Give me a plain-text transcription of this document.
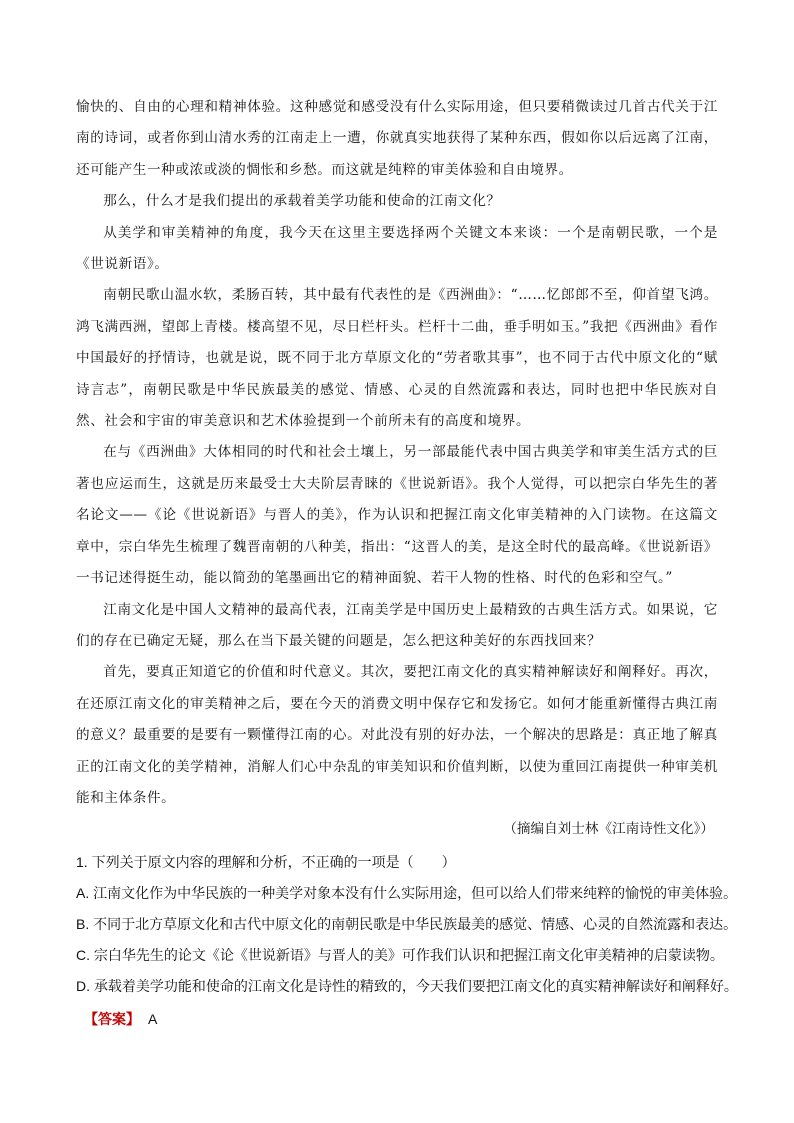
愉快的、自由的心理和精神体验。这种感觉和感受没有什么实际用途，但只要稍微读过几首古代关于江南的诗词，或者你到山清水秀的江南走上一遭，你就真实地获得了某种东西，假如你以后远离了江南，还可能产生一种或浓或淡的惆怅和乡愁。而这就是纯粹的审美体验和自由境界。

那么，什么才是我们提出的承载着美学功能和使命的江南文化？

从美学和审美精神的角度，我今天在这里主要选择两个关键文本来谈：一个是南朝民歌，一个是《世说新语》。

南朝民歌山温水软，柔肠百转，其中最有代表性的是《西洲曲》：“……忆郎郎不至，仰首望飞鸿。鸿飞满西洲，望郎上青楼。楼高望不见，尽日栏杆头。栏杆十二曲，垂手明如玉。”我把《西洲曲》看作中国最好的抒情诗，也就是说，既不同于北方草原文化的“劳者歌其事”，也不同于古代中原文化的“赋诗言志”，南朝民歌是中华民族最美的感觉、情感、心灵的自然流露和表达，同时也把中华民族对自然、社会和宇宙的审美意识和艺术体验提到一个前所未有的高度和境界。

在与《西洲曲》大体相同的时代和社会土壤上，另一部最能代表中国古典美学和审美生活方式的巨著也应运而生，这就是历来最受士大夫阶层青睐的《世说新语》。我个人觉得，可以把宗白华先生的著名论文——《论《世说新语》与晋人的美》，作为认识和把握江南文化审美精神的入门读物。在这篇文章中，宗白华先生梳理了魏晋南朝的八种美，指出：“这晋人的美，是这全时代的最高峰。《世说新语》一书记述得挺生动，能以简劲的笔墨画出它的精神面貌、若干人物的性格、时代的色彩和空气。”

江南文化是中国人文精神的最高代表，江南美学是中国历史上最精致的古典生活方式。如果说，它们的存在已确定无疑，那么在当下最关键的问题是，怎么把这种美好的东西找回来？

首先，要真正知道它的价值和时代意义。其次，要把江南文化的真实精神解读好和阐释好。再次，在还原江南文化的审美精神之后，要在今天的消费文明中保存它和发扬它。如何才能重新懂得古典江南的意义？最重要的是要有一颗懂得江南的心。对此没有别的好办法，一个解决的思路是：真正地了解真正的江南文化的美学精神，消解人们心中杂乱的审美知识和价值判断，以使为重回江南提供一种审美机能和主体条件。

（摘编自刘士林《江南诗性文化》）

1. 下列关于原文内容的理解和分析，不正确的一项是（　　）

A. 江南文化作为中华民族的一种美学对象本没有什么实际用途，但可以给人们带来纯粹的愉悦的审美体验。

B. 不同于北方草原文化和古代中原文化的南朝民歌是中华民族最美的感觉、情感、心灵的自然流露和表达。

C. 宗白华先生的论文《论《世说新语》与晋人的美》可作我们认识和把握江南文化审美精神的启蒙读物。

D. 承载着美学功能和使命的江南文化是诗性的精致的，今天我们要把江南文化的真实精神解读好和阐释好。

【答案】 A
